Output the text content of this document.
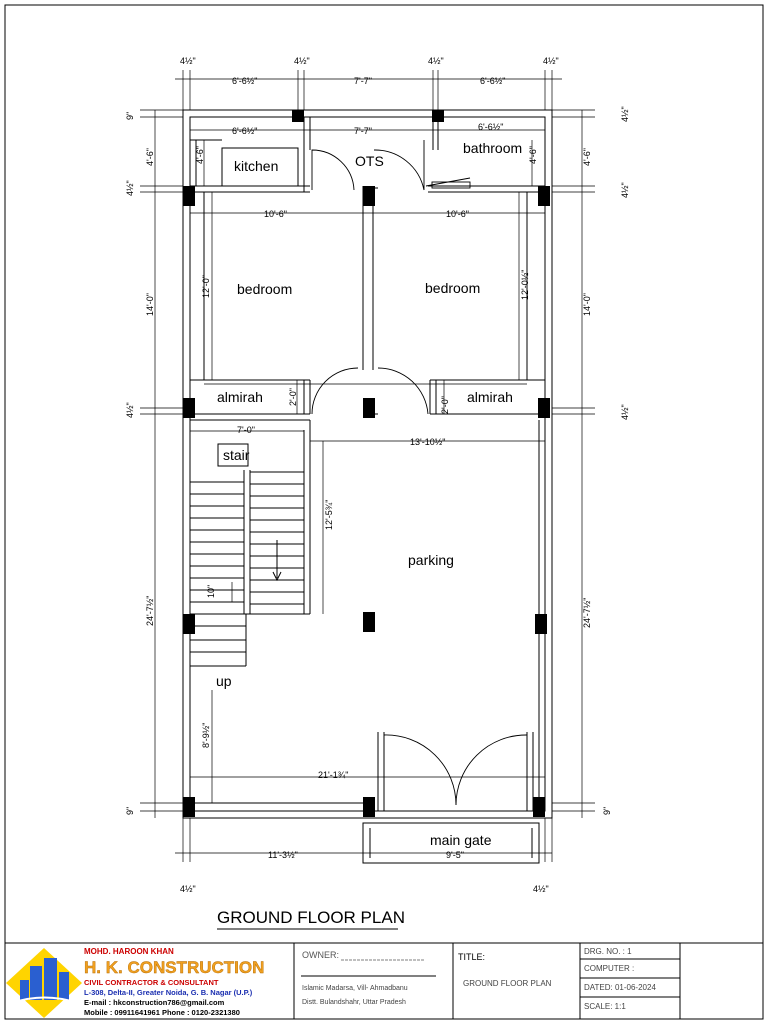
4½"
6'-6½"
4½"
7'-7"
4½"
6'-6½"
4½"
6'-6½"	7'-7"	6'-6½"
10'-6"	10'-6"
7'-0"
13'-10½"
21'-1¾"
11'-3½"	9'-5"
4½"	4½"
4'-6"	4'-6"
12'-0"	12'-0½"
2'-0"	2'-0"
12'-5¾"
10"
8'-9½"
9"
4'-6"
4½"
14'-0"
4½"
24'-7½"
9"
4½"
4'-6"
4½"
14'-0"
4½"
24'-7½"
9"
kitchen	OTS
bathroom
bedroom	bedroom
almirah	almirah
stair
up
parking
main gate
GROUND FLOOR PLAN
MOHD. HAROON KHAN
H. K. CONSTRUCTION
CIVIL CONTRACTOR & CONSULTANT
L-308, Delta-II, Greater Noida, G. B. Nagar (U.P.)
E-mail : hkconstruction786@gmail.com
Mobile : 09911641961 Phone : 0120-2321380
OWNER:
Islamic Madarsa, Vill- Ahmadbanu
Distt. Bulandshahr, Uttar Pradesh
TITLE:
GROUND FLOOR PLAN
DRG. NO. : 1
COMPUTER :
DATED: 01-06-2024
SCALE: 1:1
